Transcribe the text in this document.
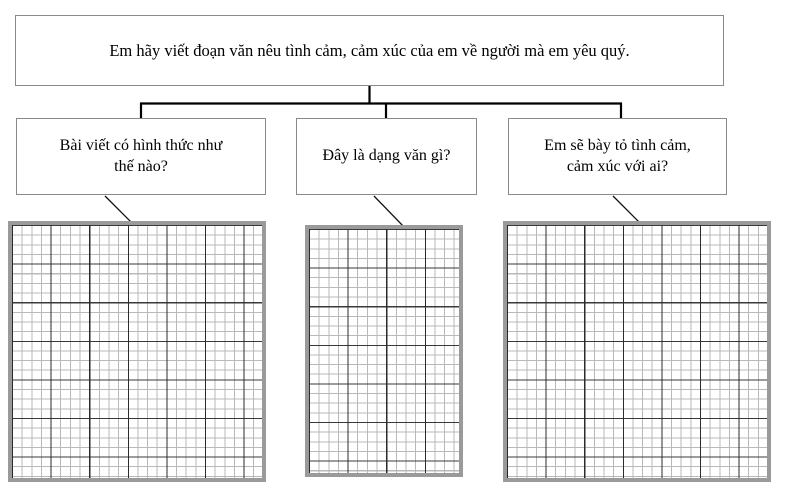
Em hãy viết đoạn văn nêu tình cảm, cảm xúc của em về người mà em yêu quý.
Bài viết có hình thức như
thế nào?
Đây là dạng văn gì?
Em sẽ bày tỏ tình cảm,
cảm xúc với ai?
